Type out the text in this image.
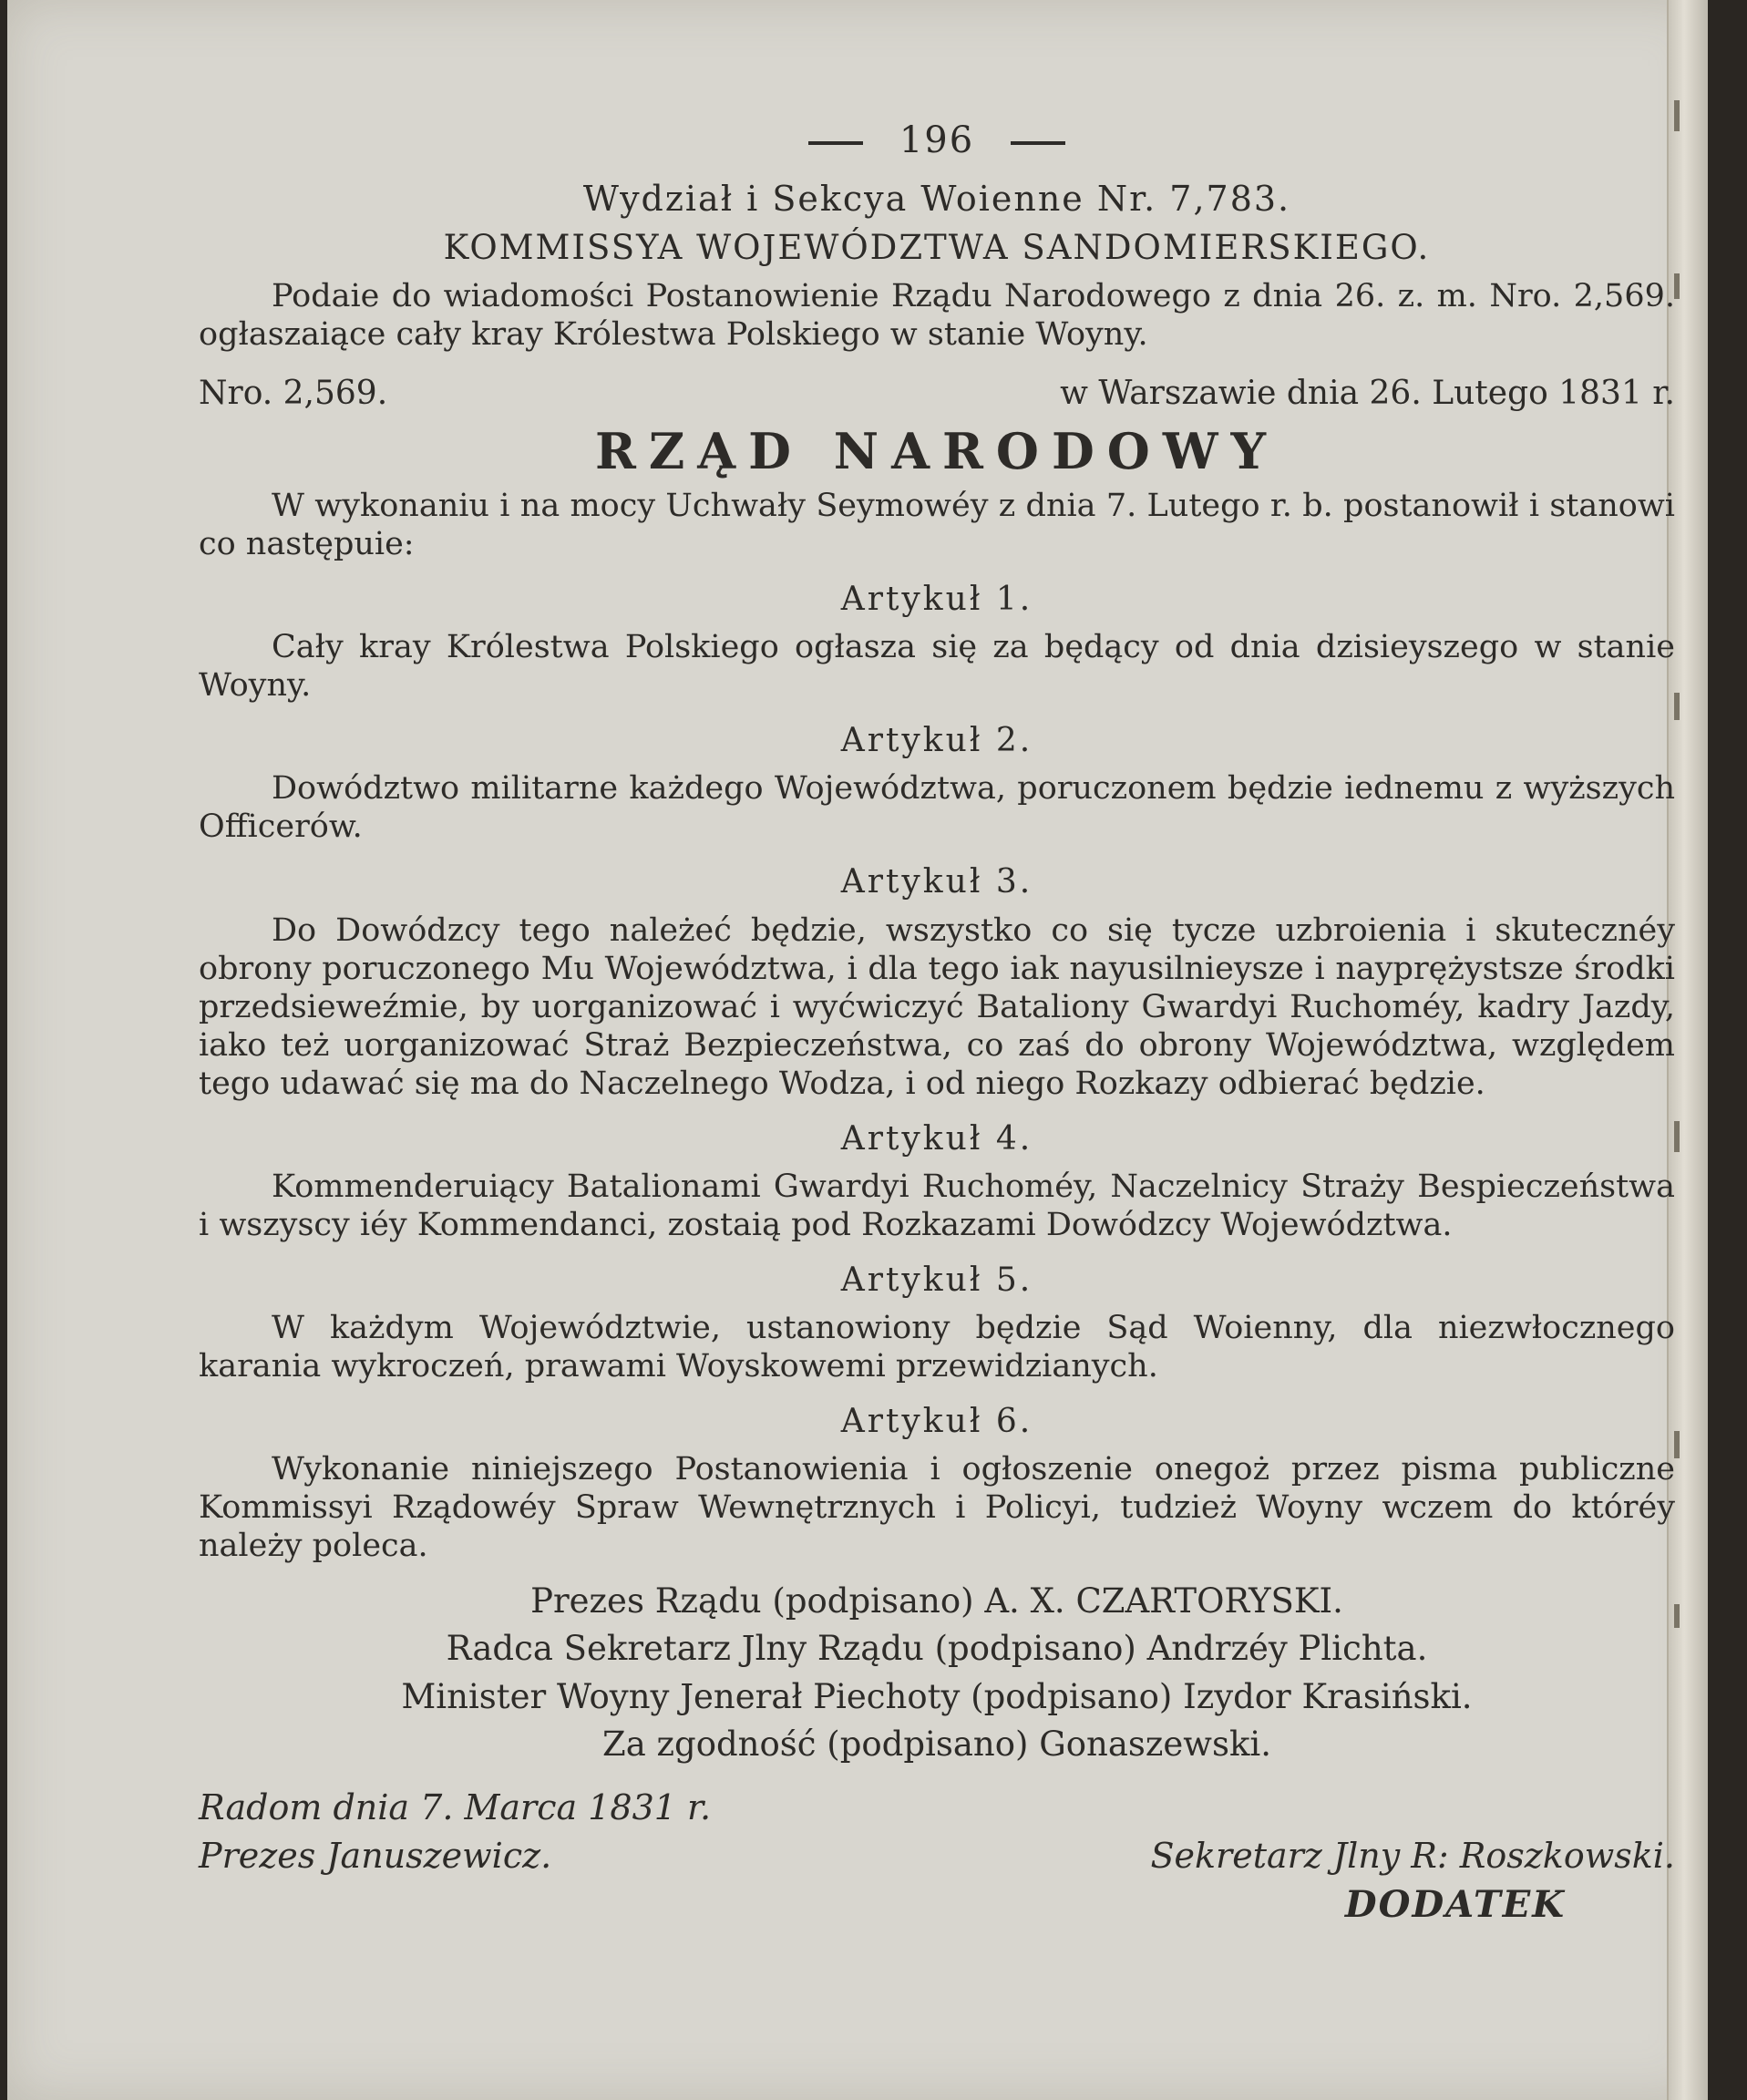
196
Wydział i Sekcya Woienne Nr. 7,783.
KOMMISSYA WOJEWÓDZTWA SANDOMIERSKIEGO.

Podaie do wiadomości Postanowienie Rządu Narodowego z dnia 26. z. m. Nro. 2,569. ogłaszaiące cały kray Królestwa Polskiego w stanie Woyny.

Nro. 2,569.	w Warszawie dnia 26. Lutego 1831 r.
RZĄD NARODOWY

W wykonaniu i na mocy Uchwały Seymowéy z dnia 7. Lutego r. b. postanowił i stanowi co następuie:

Artykuł 1.

Cały kray Królestwa Polskiego ogłasza się za będący od dnia dzisieyszego w stanie Woyny.

Artykuł 2.

Dowództwo militarne każdego Województwa, poruczonem będzie iednemu z wyższych Officerów.

Artykuł 3.

Do Dowódzcy tego należeć będzie, wszystko co się tycze uzbroienia i skutecznéy obrony poruczonego Mu Województwa, i dla tego iak nayusilnieysze i nayprężystsze środki przedsieweźmie, by uorganizować i wyćwiczyć Bataliony Gwardyi Ruchoméy, kadry Jazdy, iako też uorganizować Straż Bezpieczeństwa, co zaś do obrony Województwa, względem tego udawać się ma do Naczelnego Wodza, i od niego Rozkazy odbierać będzie.

Artykuł 4.

Kommenderuiący Batalionami Gwardyi Ruchoméy, Naczelnicy Straży Bespieczeństwa i wszyscy iéy Kommendanci, zostaią pod Rozkazami Dowódzcy Województwa.

Artykuł 5.

W każdym Województwie, ustanowiony będzie Sąd Woienny, dla niezwłocznego karania wykroczeń, prawami Woyskowemi przewidzianych.

Artykuł 6.

Wykonanie niniejszego Postanowienia i ogłoszenie onegoż przez pisma publiczne Kommissyi Rządowéy Spraw Wewnętrznych i Policyi, tudzież Woyny wczem do któréy należy poleca.

Prezes Rządu (podpisano) A. X. CZARTORYSKI.
Radca Sekretarz Jlny Rządu (podpisano) Andrzéy Plichta.
Minister Woyny Jenerał Piechoty (podpisano) Izydor Krasiński.
Za zgodność (podpisano) Gonaszewski.
Radom dnia 7. Marca 1831 r.
Prezes Januszewicz.	Sekretarz Jlny R: Roszkowski.
DODATEK
